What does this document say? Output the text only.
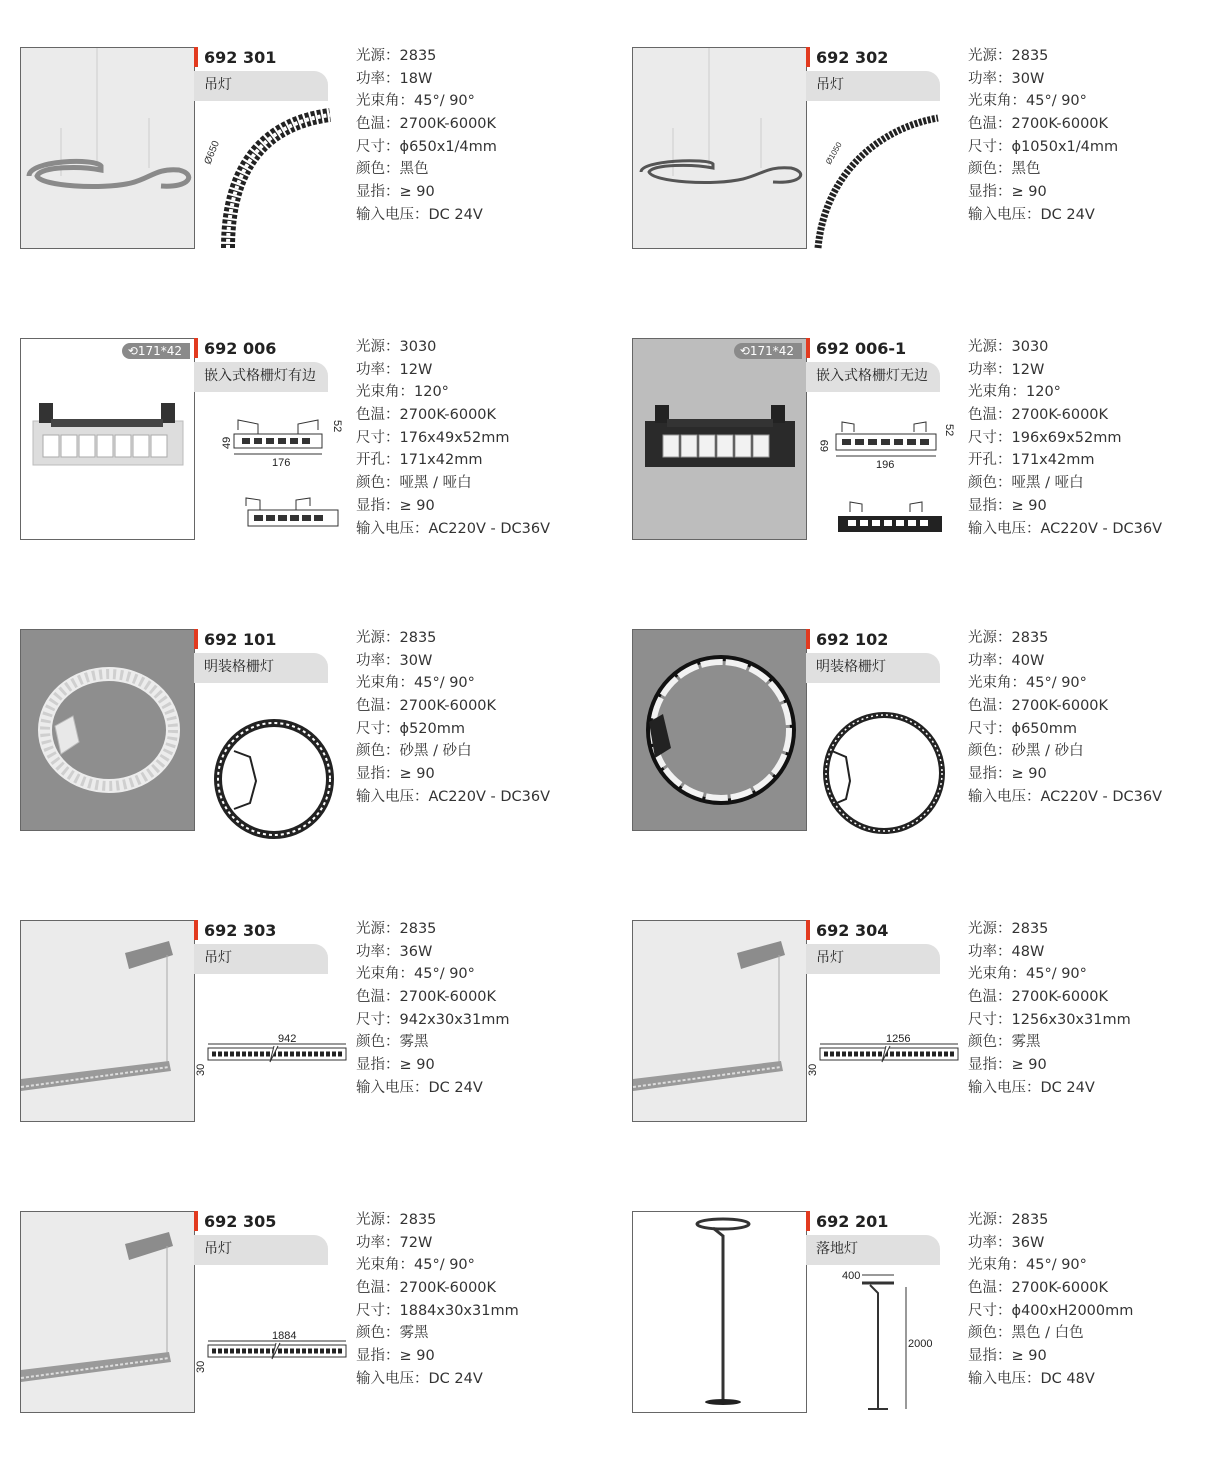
692 301
吊灯
Ø650
光源：2835
功率：18W
光束角：45°/ 90°
色温：2700K-6000K
尺寸：ϕ650x1/4mm
颜色：黑色
显指：≥ 90
输入电压：DC 24V
692 302
吊灯
Ø1050
光源：2835
功率：30W
光束角：45°/ 90°
色温：2700K-6000K
尺寸：ϕ1050x1/4mm
颜色：黑色
显指：≥ 90
输入电压：DC 24V
⟲171*42	692 006
嵌入式格栅灯有边
176
49
52
光源：3030
功率：12W
光束角：120°
色温：2700K-6000K
尺寸：176x49x52mm
开孔：171x42mm
颜色：哑黑 / 哑白
显指：≥ 90
输入电压：AC220V - DC36V
⟲171*42	692 006-1
嵌入式格栅灯无边
196
69
52
光源：3030
功率：12W
光束角：120°
色温：2700K-6000K
尺寸：196x69x52mm
开孔：171x42mm
颜色：哑黑 / 哑白
显指：≥ 90
输入电压：AC220V - DC36V
692 101
明装格栅灯
光源：2835
功率：30W
光束角：45°/ 90°
色温：2700K-6000K
尺寸：ϕ520mm
颜色：砂黑 / 砂白
显指：≥ 90
输入电压：AC220V - DC36V
692 102
明装格栅灯
光源：2835
功率：40W
光束角：45°/ 90°
色温：2700K-6000K
尺寸：ϕ650mm
颜色：砂黑 / 砂白
显指：≥ 90
输入电压：AC220V - DC36V
692 303
吊灯
942
30
光源：2835
功率：36W
光束角：45°/ 90°
色温：2700K-6000K
尺寸：942x30x31mm
颜色：雾黑
显指：≥ 90
输入电压：DC 24V
692 304
吊灯
1256
30
光源：2835
功率：48W
光束角：45°/ 90°
色温：2700K-6000K
尺寸：1256x30x31mm
颜色：雾黑
显指：≥ 90
输入电压：DC 24V
692 305
吊灯
1884
30
光源：2835
功率：72W
光束角：45°/ 90°
色温：2700K-6000K
尺寸：1884x30x31mm
颜色：雾黑
显指：≥ 90
输入电压：DC 24V
692 201
落地灯
400
2000
光源：2835
功率：36W
光束角：45°/ 90°
色温：2700K-6000K
尺寸：ϕ400xH2000mm
颜色：黑色 / 白色
显指：≥ 90
输入电压：DC 48V
